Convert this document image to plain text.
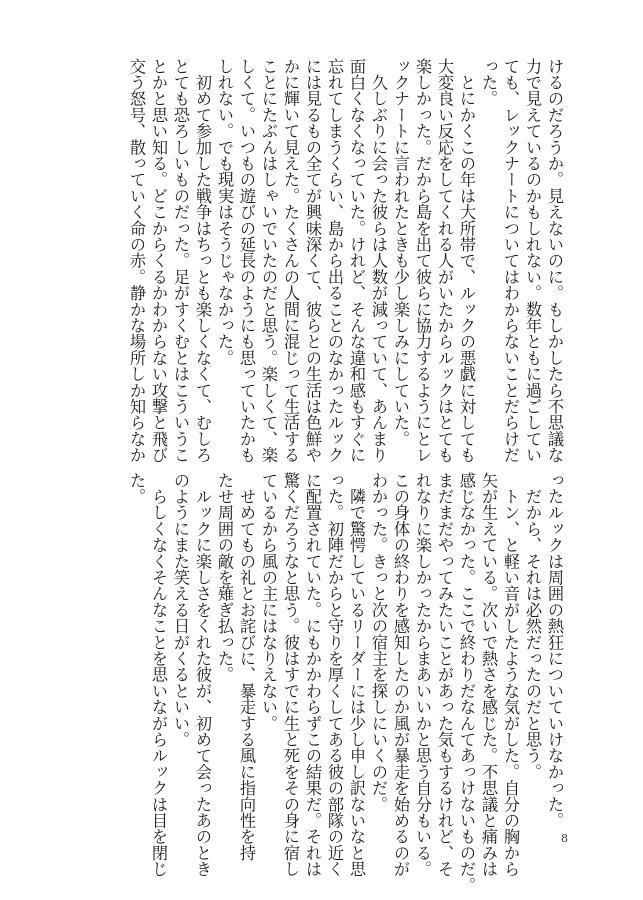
けるのだろうか。見えないのに。もしかしたら不思議な

力で見えているのかもしれない。数年ともに過ごしてい

ても、レックナートについてはわからないことだらけだ

った。

　とにかくこの年は大所帯で、ルックの悪戯に対しても

大変良い反応をしてくれる人がいたからルックはとても

楽しかった。だから島を出て彼らに協力するようにとレ

ックナートに言われたときも少し楽しみにしていた。

　久しぶりに会った彼らは人数が減っていて、あんまり

面白くなくなっていた。けれど、そんな違和感もすぐに

忘れてしまうくらい、島から出ることのなかったルック

には見るもの全てが興味深くて、彼らとの生活は色鮮や

かに輝いて見えた。たくさんの人間に混じって生活する

ことにたぶんはしゃいでいたのだと思う。楽しくて、楽

しくて。いつもの遊びの延長のようにも思っていたかも

しれない。でも現実はそうじゃなかった。

　初めて参加した戦争はちっとも楽しくなくて、むしろ

とても恐ろしいものだった。足がすくむとはこういうこ

とかと思い知る。どこからくるかわからない攻撃と飛び

交う怒号、散っていく命の赤。静かな場所しか知らなか

ったルックは周囲の熱狂についていけなかった。

　だから、それは必然だったのだと思う。

　トン、と軽い音がしたような気がした。自分の胸から

矢が生えている。次いで熱さを感じた。不思議と痛みは

感じなかった。ここで終わりだなんてあっけないものだ。

まだまだやってみたいことがあった気もするけれど、そ

れなりに楽しかったからまあいいかと思う自分もいる。

この身体の終わりを感知したのか風が暴走を始めるのが

わかった。きっと次の宿主を探しにいくのだ。

　隣で驚愕しているリーダーには少し申し訳ないなと思

った。初陣だからと守りを厚くしてある彼の部隊の近く

に配置されていた。にもかかわらずこの結果だ。それは

驚くだろうなと思う。彼はすでに生と死をその身に宿し

ているから風の主にはなりえない。

　せめてもの礼とお詫びに、暴走する風に指向性を持

たせ周囲の敵を薙ぎ払った。

　ルックに楽しさをくれた彼が、初めて会ったあのとき

のようにまた笑える日がくるといい。

　らしくなくそんなことを思いながらルックは目を閉じ

た。

8
